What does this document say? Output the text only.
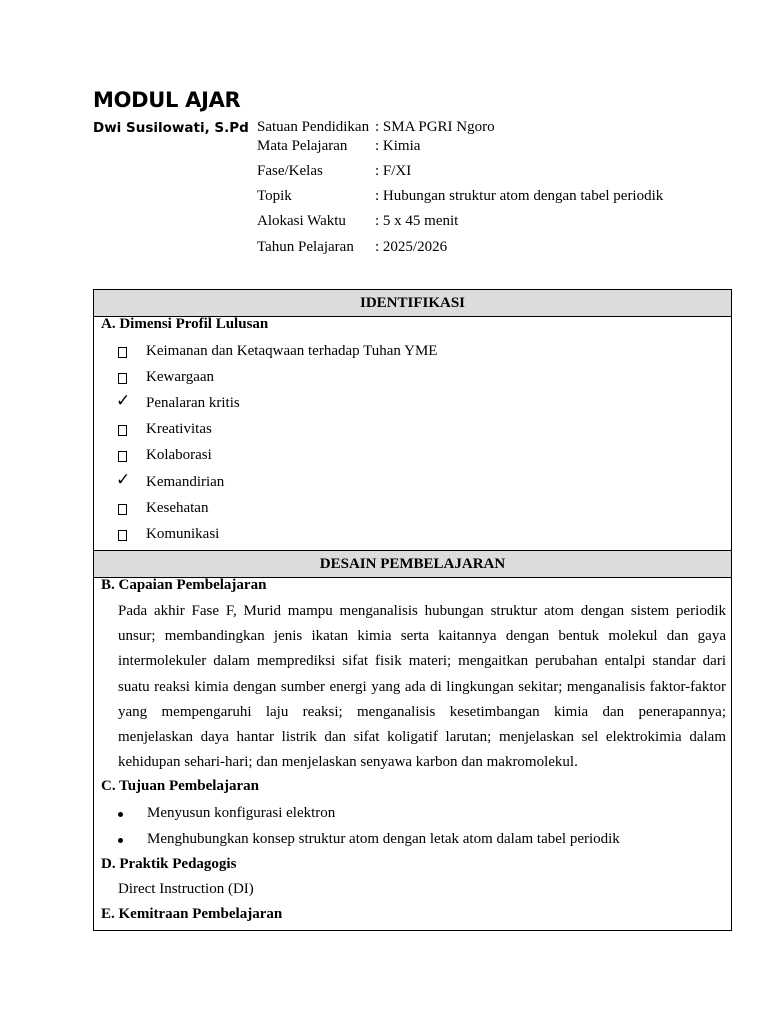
MODUL AJAR
Dwi Susilowati, S.Pd Satuan Pendidikan : SMA PGRI Ngoro
Mata Pelajaran	: Kimia
Fase/Kelas	: F/XI
Topik	: Hubungan struktur atom dengan tabel periodik
Alokasi Waktu	: 5 x 45 menit
Tahun Pelajaran	: 2025/2026
IDENTIFIKASI
A. Dimensi Profil Lulusan
Keimanan dan Ketaqwaan terhadap Tuhan YME
Kewargaan
✓ Penalaran kritis
Kreativitas
Kolaborasi
✓ Kemandirian
Kesehatan
Komunikasi
DESAIN PEMBELAJARAN
B. Capaian Pembelajaran
Pada akhir Fase F, Murid mampu menganalisis hubungan struktur atom dengan sistem periodik
unsur; membandingkan jenis ikatan kimia serta kaitannya dengan bentuk molekul dan gaya
intermolekuler dalam memprediksi sifat fisik materi; mengaitkan perubahan entalpi standar dari
suatu reaksi kimia dengan sumber energi yang ada di lingkungan sekitar; menganalisis faktor-faktor
yang mempengaruhi laju reaksi; menganalisis kesetimbangan kimia dan penerapannya;
menjelaskan daya hantar listrik dan sifat koligatif larutan; menjelaskan sel elektrokimia dalam
kehidupan sehari-hari; dan menjelaskan senyawa karbon dan makromolekul.
C. Tujuan Pembelajaran
Menyusun konfigurasi elektron
Menghubungkan konsep struktur atom dengan letak atom dalam tabel periodik
D. Praktik Pedagogis
Direct Instruction (DI)
E. Kemitraan Pembelajaran
